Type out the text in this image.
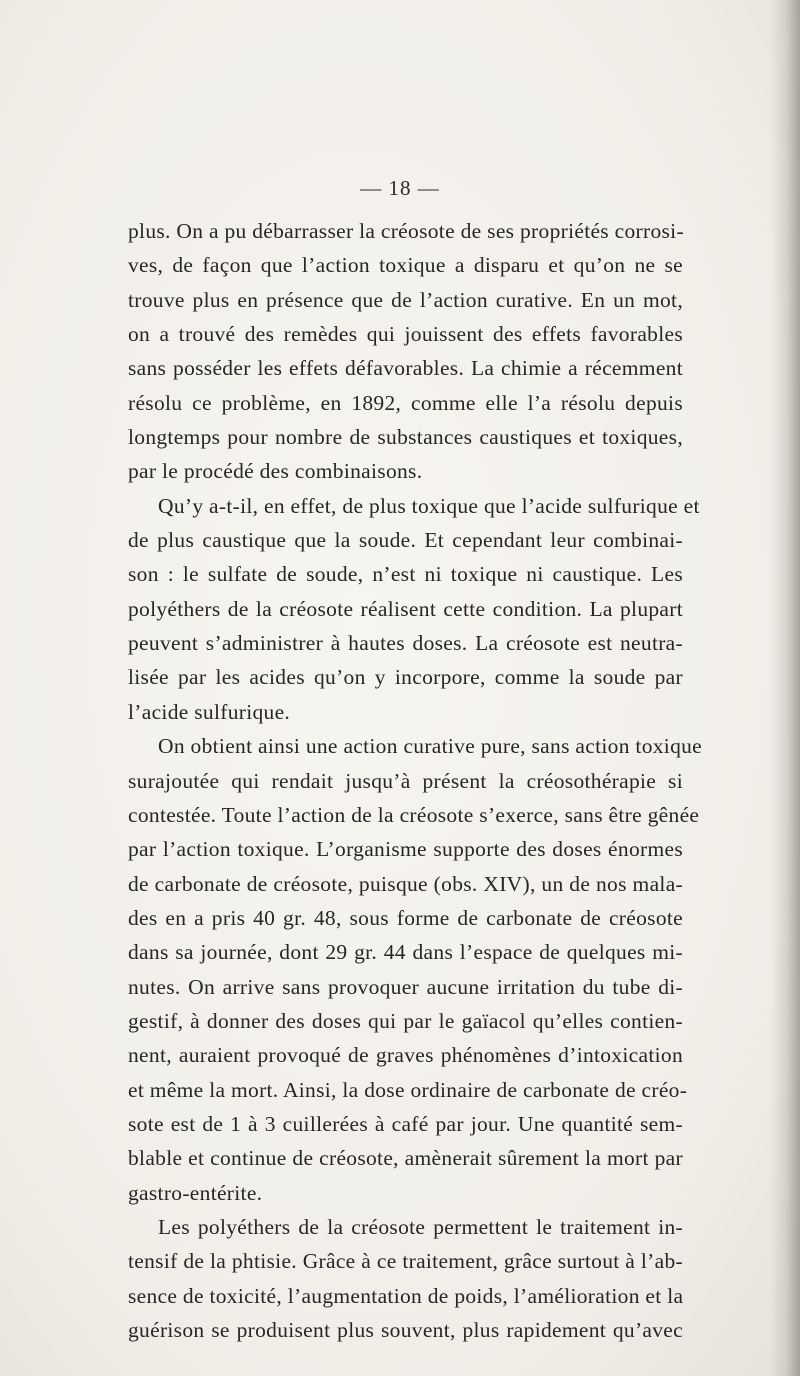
— 18 —
plus. On a pu débarrasser la créosote de ses propriétés corrosi-
ves, de façon que l’action toxique a disparu et qu’on ne se
trouve plus en présence que de l’action curative. En un mot,
on a trouvé des remèdes qui jouissent des effets favorables
sans posséder les effets défavorables. La chimie a récemment
résolu ce problème, en 1892, comme elle l’a résolu depuis
longtemps pour nombre de substances caustiques et toxiques,
par le procédé des combinaisons.
Qu’y a-t-il, en effet, de plus toxique que l’acide sulfurique et
de plus caustique que la soude. Et cependant leur combinai-
son : le sulfate de soude, n’est ni toxique ni caustique. Les
polyéthers de la créosote réalisent cette condition. La plupart
peuvent s’administrer à hautes doses. La créosote est neutra-
lisée par les acides qu’on y incorpore, comme la soude par
l’acide sulfurique.
On obtient ainsi une action curative pure, sans action toxique
surajoutée qui rendait jusqu’à présent la créosothérapie si
contestée. Toute l’action de la créosote s’exerce, sans être gênée
par l’action toxique. L’organisme supporte des doses énormes
de carbonate de créosote, puisque (obs. XIV), un de nos mala-
des en a pris 40 gr. 48, sous forme de carbonate de créosote
dans sa journée, dont 29 gr. 44 dans l’espace de quelques mi-
nutes. On arrive sans provoquer aucune irritation du tube di-
gestif, à donner des doses qui par le gaïacol qu’elles contien-
nent, auraient provoqué de graves phénomènes d’intoxication
et même la mort. Ainsi, la dose ordinaire de carbonate de créo-
sote est de 1 à 3 cuillerées à café par jour. Une quantité sem-
blable et continue de créosote, amènerait sûrement la mort par
gastro-entérite.
Les polyéthers de la créosote permettent le traitement in-
tensif de la phtisie. Grâce à ce traitement, grâce surtout à l’ab-
sence de toxicité, l’augmentation de poids, l’amélioration et la
guérison se produisent plus souvent, plus rapidement qu’avec
